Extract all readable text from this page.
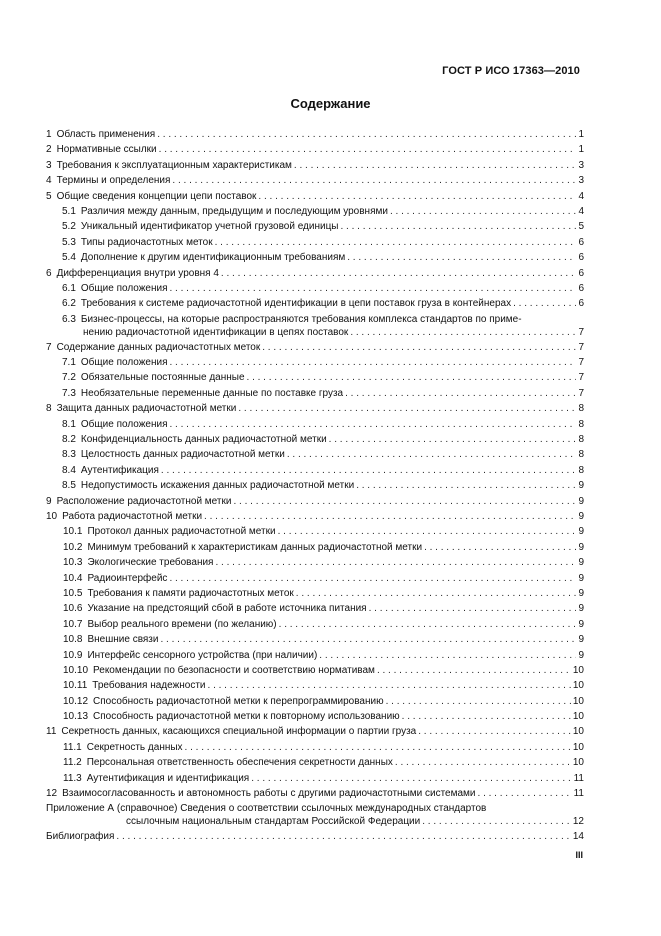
ГОСТ Р ИСО 17363—2010
Содержание
1 Область применения . . .	1
2 Нормативные ссылки . . .	1
3 Требования к эксплуатационным характеристикам . . .	3
4 Термины и определения . . .	3
5 Общие сведения концепции цепи поставок . . .	4
5.1 Различия между данным, предыдущим и последующим уровнями . . .	4
5.2 Уникальный идентификатор учетной грузовой единицы . . .	5
5.3 Типы радиочастотных меток . . .	6
5.4 Дополнение к другим идентификационным требованиям . . .	6
6 Дифференциация внутри уровня 4 . . .	6
6.1 Общие положения . . .	6
6.2 Требования к системе радиочастотной идентификации в цепи поставок груза в контейнерах . . .	6
6.3 Бизнес-процессы, на которые распространяются требования комплекса стандартов по приме-
нению радиочастотной идентификации в цепях поставок . . .	7
7 Содержание данных радиочастотных меток . . .	7
7.1 Общие положения . . .	7
7.2 Обязательные постоянные данные . . .	7
7.3 Необязательные переменные данные по поставке груза . . .	7
8 Защита данных радиочастотной метки . . .	8
8.1 Общие положения . . .	8
8.2 Конфиденциальность данных радиочастотной метки . . .	8
8.3 Целостность данных радиочастотной метки . . .	8
8.4 Аутентификация . . .	8
8.5 Недопустимость искажения данных радиочастотной метки . . .	9
9 Расположение радиочастотной метки . . .	9
10 Работа радиочастотной метки . . .	9
10.1 Протокол данных радиочастотной метки . . .	9
10.2 Минимум требований к характеристикам данных радиочастотной метки . . .	9
10.3 Экологические требования . . .	9
10.4 Радиоинтерфейс . . .	9
10.5 Требования к памяти радиочастотных меток . . .	9
10.6 Указание на предстоящий сбой в работе источника питания . . .	9
10.7 Выбор реального времени (по желанию) . . .	9
10.8 Внешние связи . . .	9
10.9 Интерфейс сенсорного устройства (при наличии) . . .	9
10.10 Рекомендации по безопасности и соответствию нормативам . . .	10
10.11 Требования надежности . . .	10
10.12 Способность радиочастотной метки к перепрограммированию . . .	10
10.13 Способность радиочастотной метки к повторному использованию . . .	10
11 Секретность данных, касающихся специальной информации о партии груза . . .	10
11.1 Секретность данных . . .	10
11.2 Персональная ответственность обеспечения секретности данных . . .	10
11.3 Аутентификация и идентификация . . .	11
12 Взаимосогласованность и автономность работы с другими радиочастотными системами . . .	11
Приложение А (справочное) Сведения о соответствии ссылочных международных стандартов
ссылочным национальным стандартам Российской Федерации . . .	12
Библиография . . .	14
III
